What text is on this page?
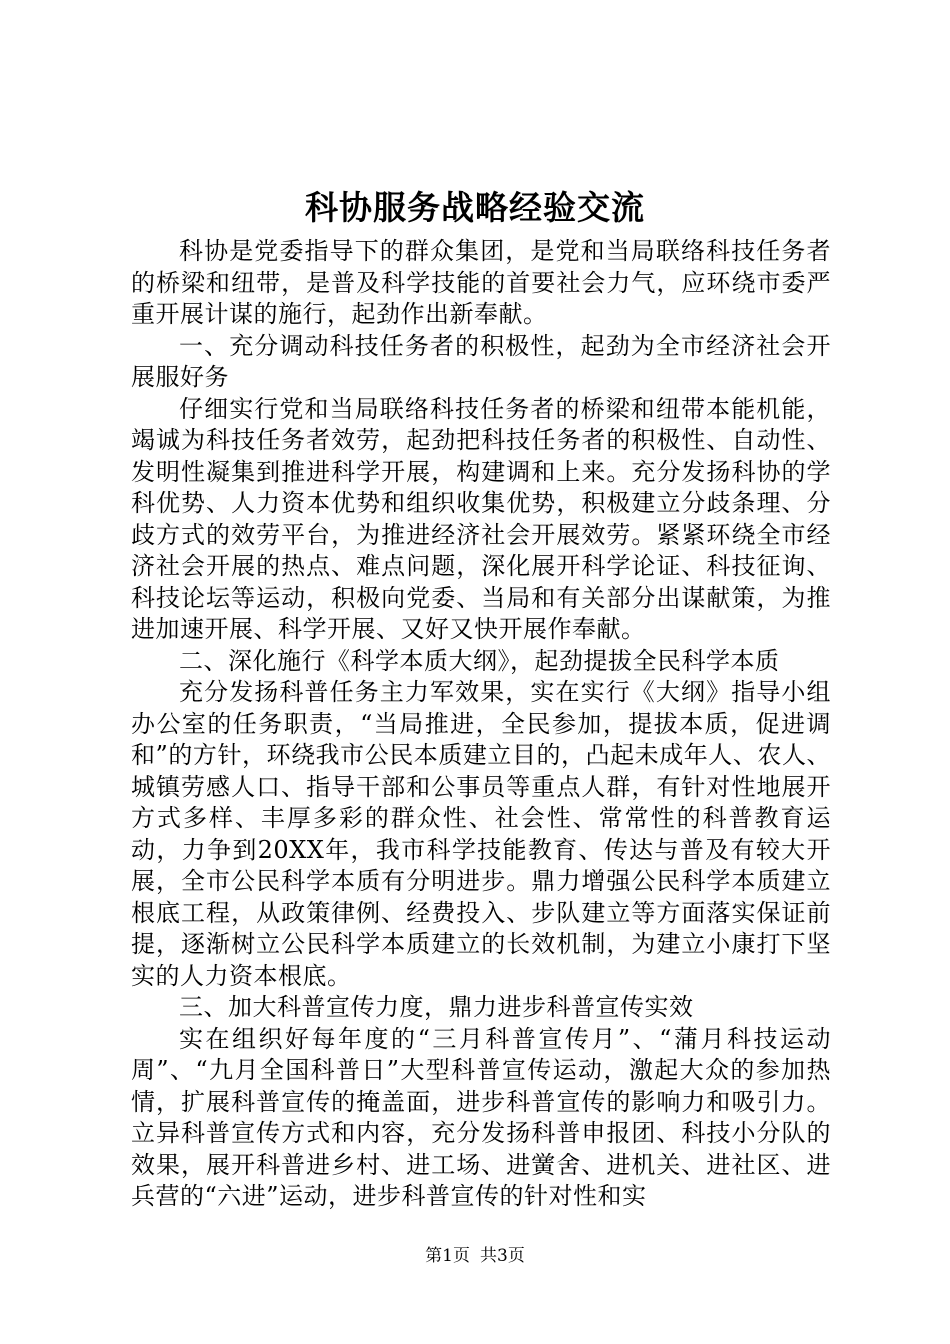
科协服务战略经验交流

科协是党委指导下的群众集团，是党和当局联络科技任务者的桥梁和纽带，是普及科学技能的首要社会力气，应环绕市委严重开展计谋的施行，起劲作出新奉献。

一、充分调动科技任务者的积极性，起劲为全市经济社会开展服好务

仔细实行党和当局联络科技任务者的桥梁和纽带本能机能，竭诚为科技任务者效劳，起劲把科技任务者的积极性、自动性、发明性凝集到推进科学开展，构建调和上来。充分发扬科协的学科优势、人力资本优势和组织收集优势，积极建立分歧条理、分歧方式的效劳平台，为推进经济社会开展效劳。紧紧环绕全市经济社会开展的热点、难点问题，深化展开科学论证、科技征询、科技论坛等运动，积极向党委、当局和有关部分出谋献策，为推进加速开展、科学开展、又好又快开展作奉献。

二、深化施行《科学本质大纲》，起劲提拔全民科学本质

充分发扬科普任务主力军效果，实在实行《大纲》指导小组办公室的任务职责，“当局推进，全民参加，提拔本质，促进调和”的方针，环绕我市公民本质建立目的，凸起未成年人、农人、城镇劳感人口、指导干部和公事员等重点人群，有针对性地展开方式多样、丰厚多彩的群众性、社会性、常常性的科普教育运动，力争到20XX年，我市科学技能教育、传达与普及有较大开展，全市公民科学本质有分明进步。鼎力增强公民科学本质建立根底工程，从政策律例、经费投入、步队建立等方面落实保证前提，逐渐树立公民科学本质建立的长效机制，为建立小康打下坚实的人力资本根底。

三、加大科普宣传力度，鼎力进步科普宣传实效

实在组织好每年度的“三月科普宣传月”、“蒲月科技运动周”、“九月全国科普日”大型科普宣传运动，激起大众的参加热情，扩展科普宣传的掩盖面，进步科普宣传的影响力和吸引力。立异科普宣传方式和内容，充分发扬科普申报团、科技小分队的效果，展开科普进乡村、进工场、进黉舍、进机关、进社区、进兵营的“六进”运动，进步科普宣传的针对性和实

第1页 共3页
